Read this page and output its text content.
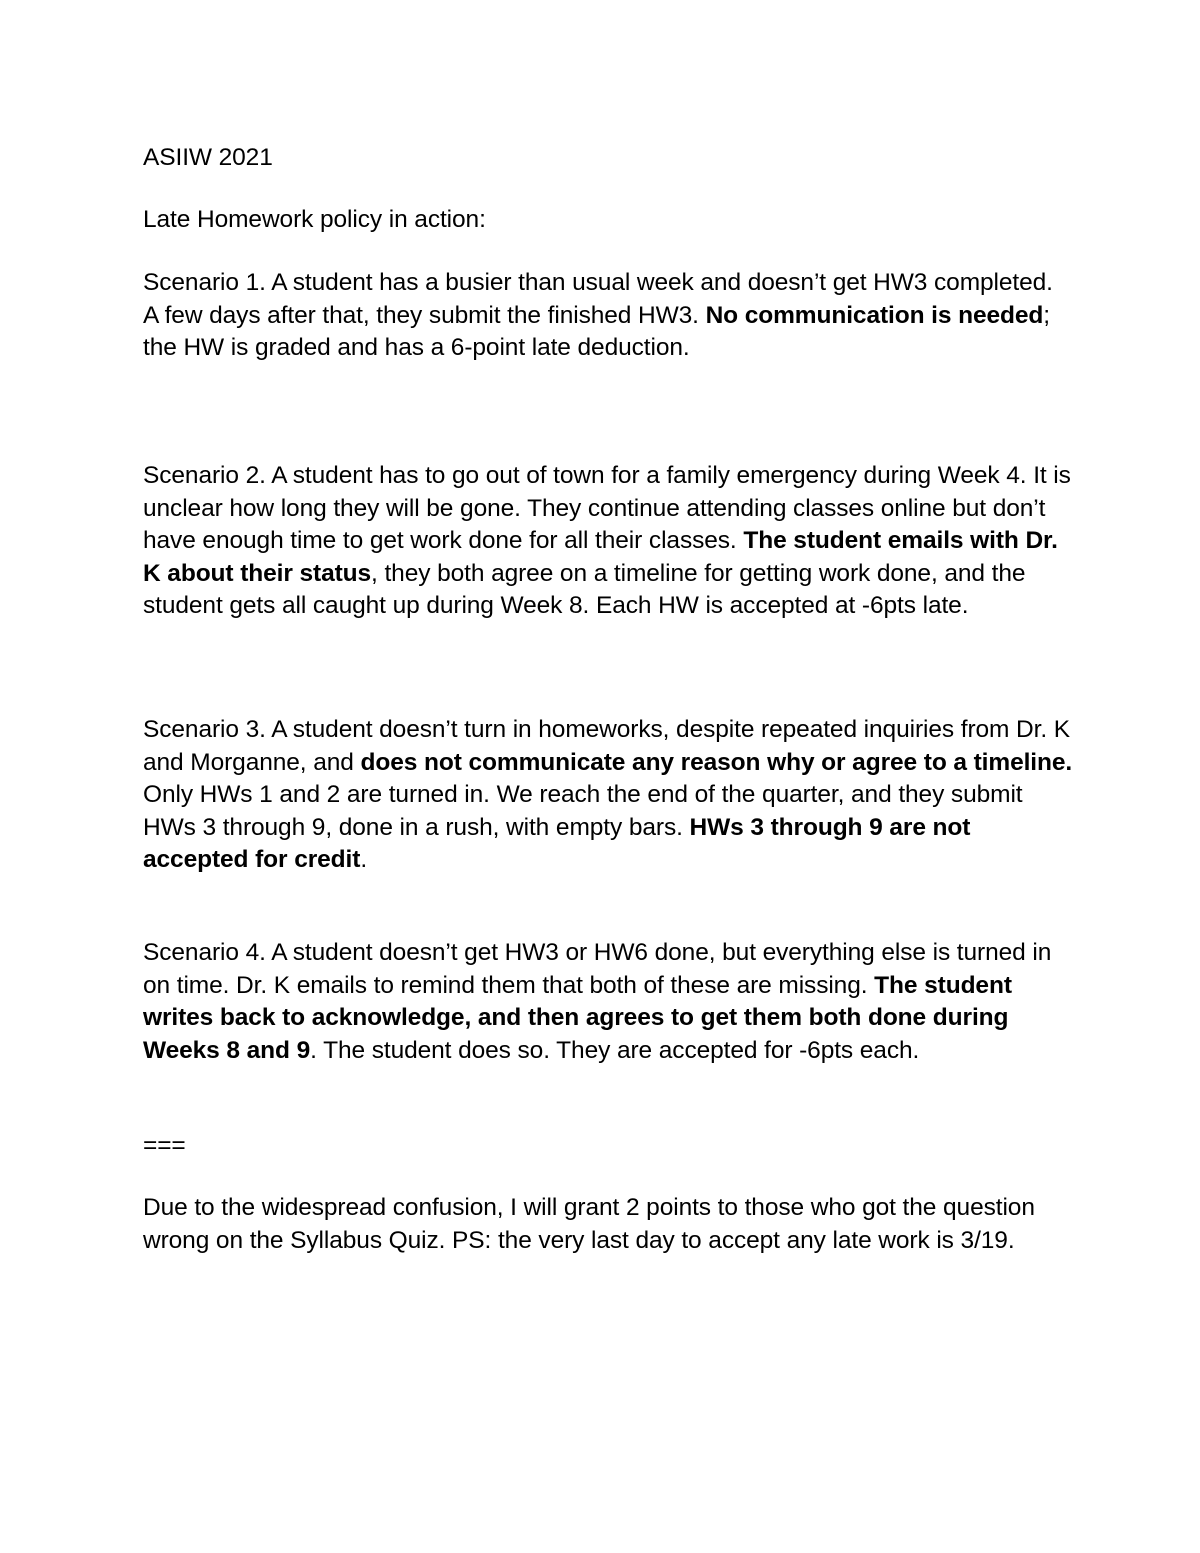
ASIIW 2021

Late Homework policy in action:

Scenario 1. A student has a busier than usual week and doesn’t get HW3 completed. A few days after that, they submit the finished HW3. No communication is needed; the HW is graded and has a 6-point late deduction.

Scenario 2. A student has to go out of town for a family emergency during Week 4. It is unclear how long they will be gone. They continue attending classes online but don’t have enough time to get work done for all their classes. The student emails with Dr. K about their status, they both agree on a timeline for getting work done, and the student gets all caught up during Week 8. Each HW is accepted at -6pts late.

Scenario 3. A student doesn’t turn in homeworks, despite repeated inquiries from Dr. K and Morganne, and does not communicate any reason why or agree to a timeline. Only HWs 1 and 2 are turned in. We reach the end of the quarter, and they submit HWs 3 through 9, done in a rush, with empty bars. HWs 3 through 9 are not accepted for credit.

Scenario 4. A student doesn’t get HW3 or HW6 done, but everything else is turned in on time. Dr. K emails to remind them that both of these are missing. The student writes back to acknowledge, and then agrees to get them both done during Weeks 8 and 9. The student does so. They are accepted for -6pts each.

===

Due to the widespread confusion, I will grant 2 points to those who got the question wrong on the Syllabus Quiz. PS: the very last day to accept any late work is 3/19.
